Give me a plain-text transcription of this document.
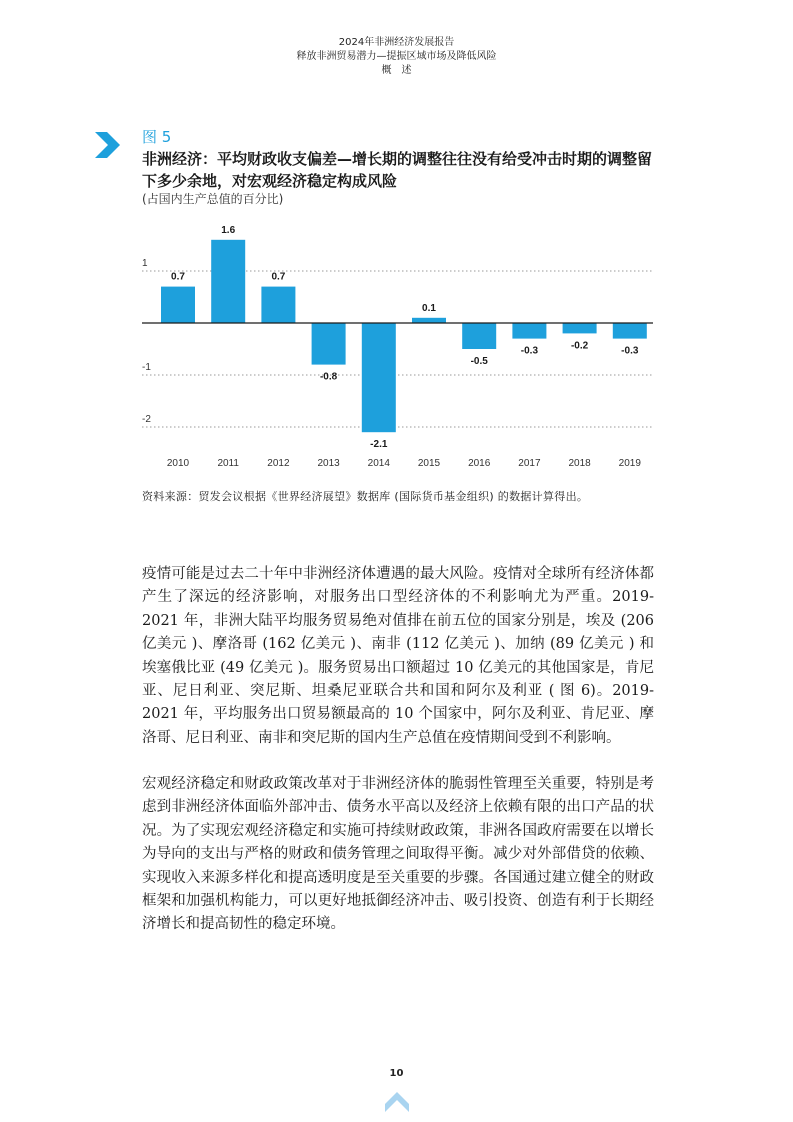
2024年非洲经济发展报告
释放非洲贸易潜力—提振区域市场及降低风险
概　述
图 5
非洲经济：平均财政收支偏差—增长期的调整往往没有给受冲击时期的调整留下多少余地，对宏观经济稳定构成风险
(占国内生产总值的百分比)
1
-1
-2
0.7
2010
1.6
2011
0.7
2012
-0.8
2013
-2.1
2014
0.1
2015
-0.5
2016
-0.3
2017
-0.2
2018
-0.3
2019
资料来源：贸发会议根据《世界经济展望》数据库 (国际货币基金组织) 的数据计算得出。

疫情可能是过去二十年中非洲经济体遭遇的最大风险。疫情对全球所有经济体都产生了深远的经济影响，对服务出口型经济体的不利影响尤为严重。2019-2021 年，非洲大陆平均服务贸易绝对值排在前五位的国家分别是，埃及 (206 亿美元 )、摩洛哥 (162 亿美元 )、南非 (112 亿美元 )、加纳 (89 亿美元 ) 和埃塞俄比亚 (49 亿美元 )。服务贸易出口额超过 10 亿美元的其他国家是，肯尼亚、尼日利亚、突尼斯、坦桑尼亚联合共和国和阿尔及利亚 ( 图 6)。2019-2021 年，平均服务出口贸易额最高的 10 个国家中，阿尔及利亚、肯尼亚、摩洛哥、尼日利亚、南非和突尼斯的国内生产总值在疫情期间受到不利影响。

宏观经济稳定和财政政策改革对于非洲经济体的脆弱性管理至关重要，特别是考虑到非洲经济体面临外部冲击、债务水平高以及经济上依赖有限的出口产品的状况。为了实现宏观经济稳定和实施可持续财政政策，非洲各国政府需要在以增长为导向的支出与严格的财政和债务管理之间取得平衡。减少对外部借贷的依赖、实现收入来源多样化和提高透明度是至关重要的步骤。各国通过建立健全的财政框架和加强机构能力，可以更好地抵御经济冲击、吸引投资、创造有利于长期经济增长和提高韧性的稳定环境。

10
